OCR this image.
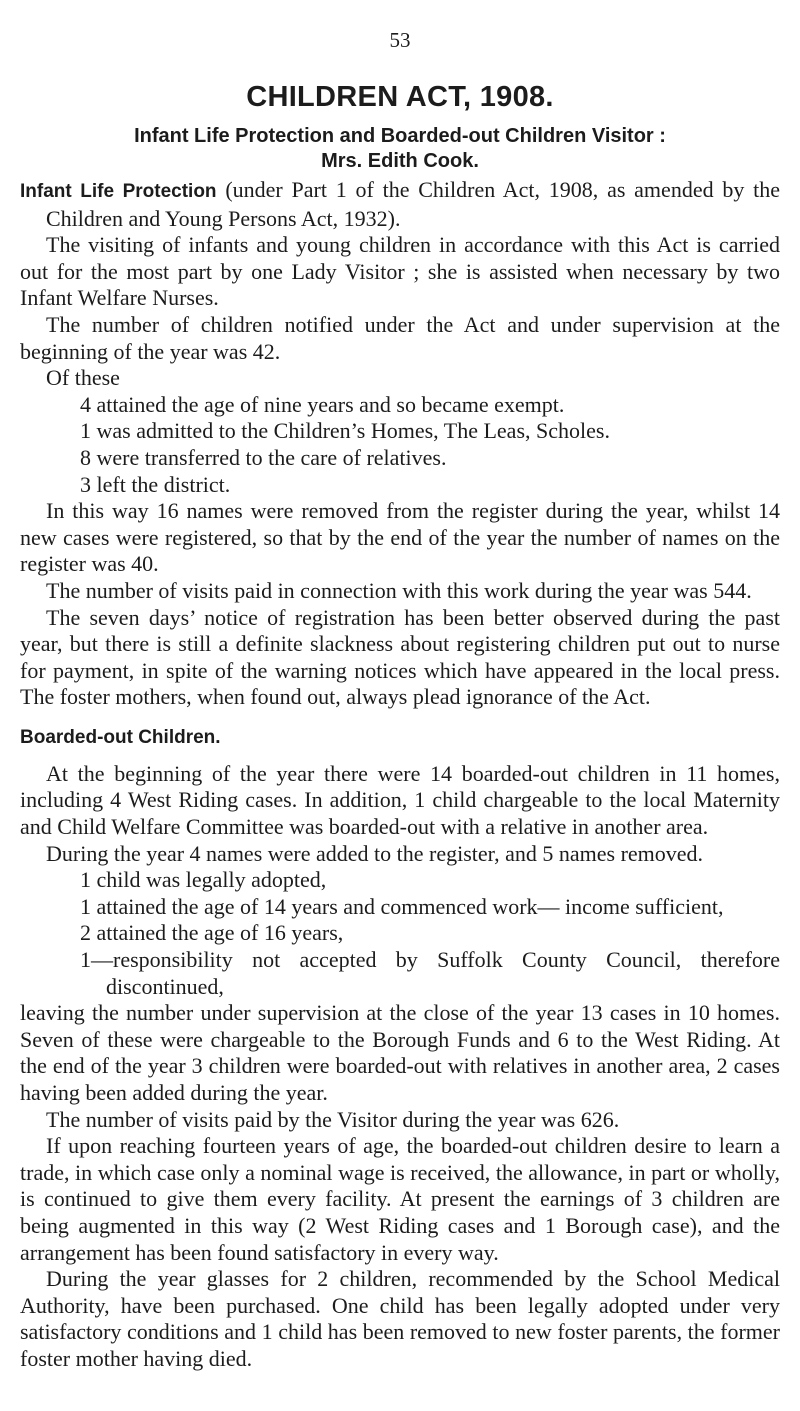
53
CHILDREN ACT, 1908.
Infant Life Protection and Boarded-out Children Visitor :
Mrs. Edith Cook.

Infant Life Protection (under Part 1 of the Children Act, 1908, as amended by the Children and Young Persons Act, 1932).

The visiting of infants and young children in accordance with this Act is carried out for the most part by one Lady Visitor ; she is assisted when necessary by two Infant Welfare Nurses.

The number of children notified under the Act and under supervision at the beginning of the year was 42.

Of these

4 attained the age of nine years and so became exempt.

1 was admitted to the Children’s Homes, The Leas, Scholes.

8 were transferred to the care of relatives.

3 left the district.

In this way 16 names were removed from the register during the year, whilst 14 new cases were registered, so that by the end of the year the number of names on the register was 40.

The number of visits paid in connection with this work during the year was 544.

The seven days’ notice of registration has been better observed during the past year, but there is still a definite slackness about registering children put out to nurse for payment, in spite of the warning notices which have appeared in the local press. The foster mothers, when found out, always plead ignorance of the Act.

Boarded-out Children.

At the beginning of the year there were 14 boarded-out children in 11 homes, including 4 West Riding cases. In addition, 1 child chargeable to the local Maternity and Child Welfare Committee was boarded-out with a relative in another area.

During the year 4 names were added to the register, and 5 names removed.

1 child was legally adopted,

1 attained the age of 14 years and commenced work— income sufficient,

2 attained the age of 16 years,

1—responsibility not accepted by Suffolk County Council, therefore discontinued,

leaving the number under supervision at the close of the year 13 cases in 10 homes. Seven of these were chargeable to the Borough Funds and 6 to the West Riding. At the end of the year 3 children were boarded-out with relatives in another area, 2 cases having been added during the year.

The number of visits paid by the Visitor during the year was 626.

If upon reaching fourteen years of age, the boarded-out children desire to learn a trade, in which case only a nominal wage is received, the allowance, in part or wholly, is continued to give them every facility. At present the earnings of 3 children are being augmented in this way (2 West Riding cases and 1 Borough case), and the arrangement has been found satisfactory in every way.

During the year glasses for 2 children, recommended by the School Medical Authority, have been purchased. One child has been legally adopted under very satisfactory conditions and 1 child has been removed to new foster parents, the former foster mother having died.
